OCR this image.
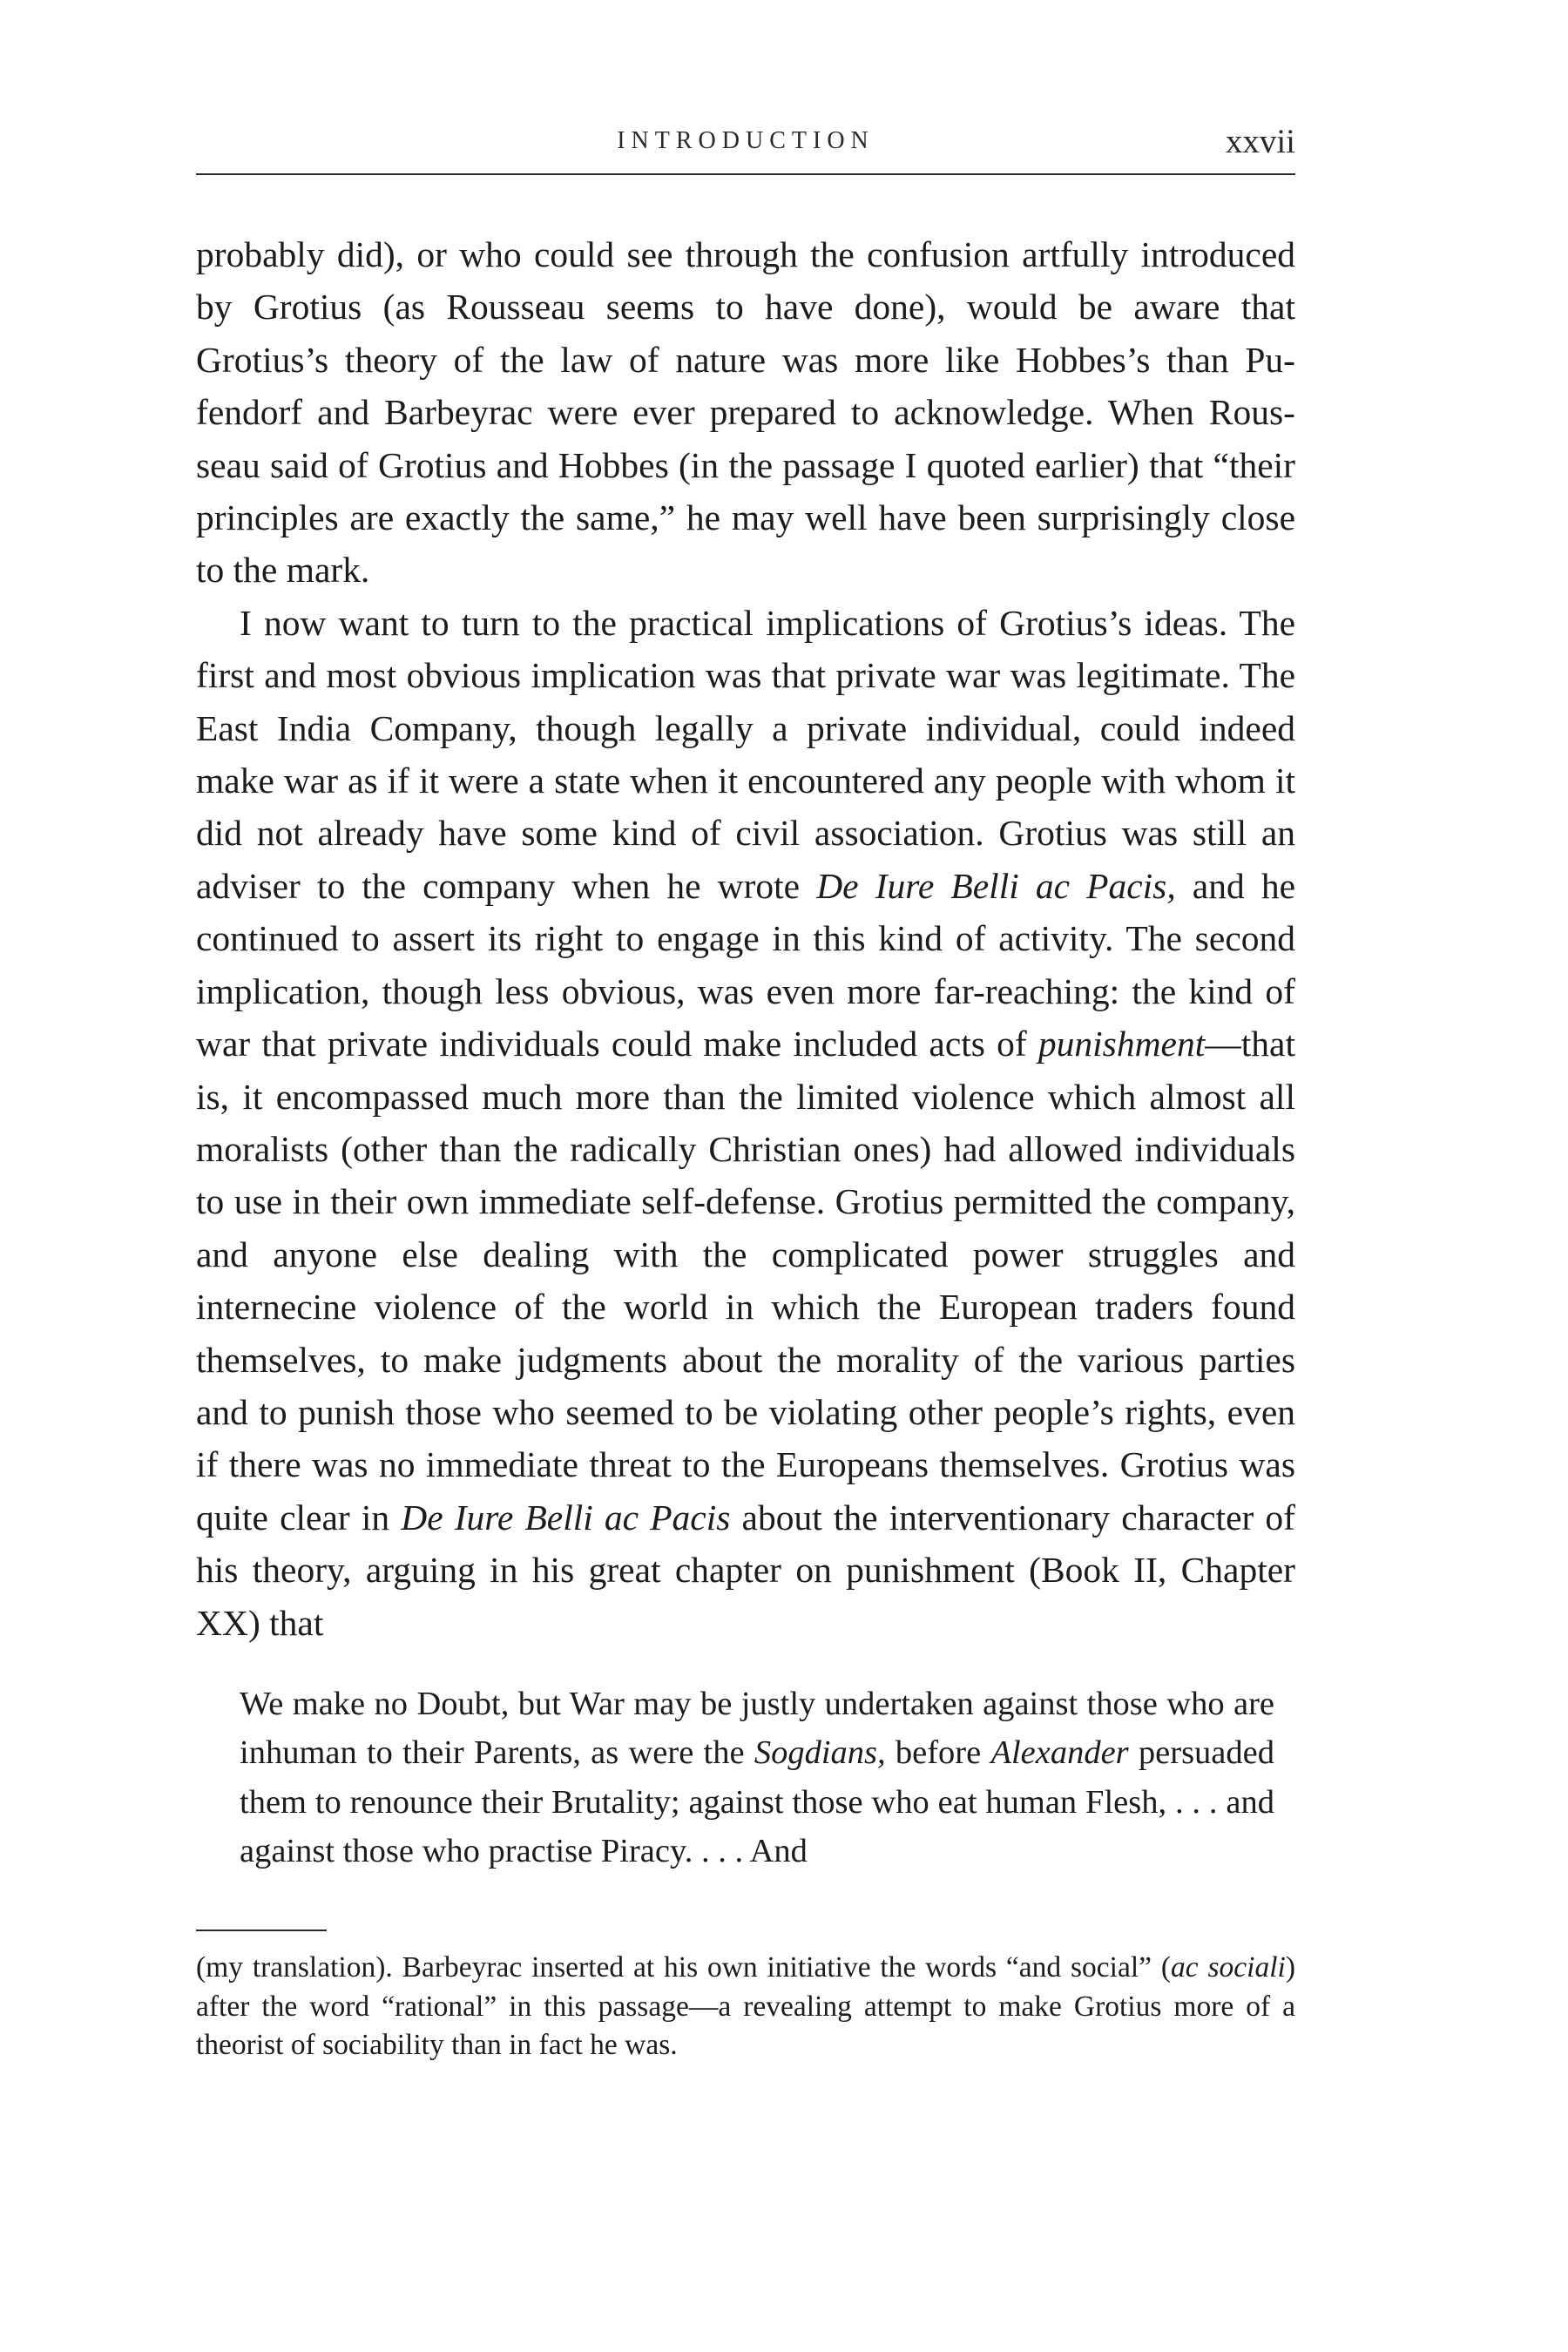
INTRODUCTION	xxvii

probably did), or who could see through the confusion artfully introduced by Grotius (as Rousseau seems to have done), would be aware that Grotius’s theory of the law of nature was more like Hobbes’s than Pufendorf and Barbeyrac were ever prepared to acknowledge. When Rousseau said of Grotius and Hobbes (in the passage I quoted earlier) that “their principles are exactly the same,” he may well have been surprisingly close to the mark.

I now want to turn to the practical implications of Grotius’s ideas. The first and most obvious implication was that private war was legitimate. The East India Company, though legally a private individual, could indeed make war as if it were a state when it encountered any people with whom it did not already have some kind of civil association. Grotius was still an adviser to the company when he wrote De Iure Belli ac Pacis, and he continued to assert its right to engage in this kind of activity. The second implication, though less obvious, was even more far-reaching: the kind of war that private individuals could make included acts of punishment—that is, it encompassed much more than the limited violence which almost all moralists (other than the radically Christian ones) had allowed individuals to use in their own immediate self-defense. Grotius permitted the company, and anyone else dealing with the complicated power struggles and internecine violence of the world in which the European traders found themselves, to make judgments about the morality of the various parties and to punish those who seemed to be violating other people’s rights, even if there was no immediate threat to the Europeans themselves. Grotius was quite clear in De Iure Belli ac Pacis about the interventionary character of his theory, arguing in his great chapter on punishment (Book II, Chapter XX) that

We make no Doubt, but War may be justly undertaken against those who are inhuman to their Parents, as were the Sogdians, before Alexander persuaded them to renounce their Brutality; against those who eat human Flesh, . . . and against those who practise Piracy. . . . And

(my translation). Barbeyrac inserted at his own initiative the words “and social” (ac sociali) after the word “rational” in this passage—a revealing attempt to make Grotius more of a theorist of sociability than in fact he was.
